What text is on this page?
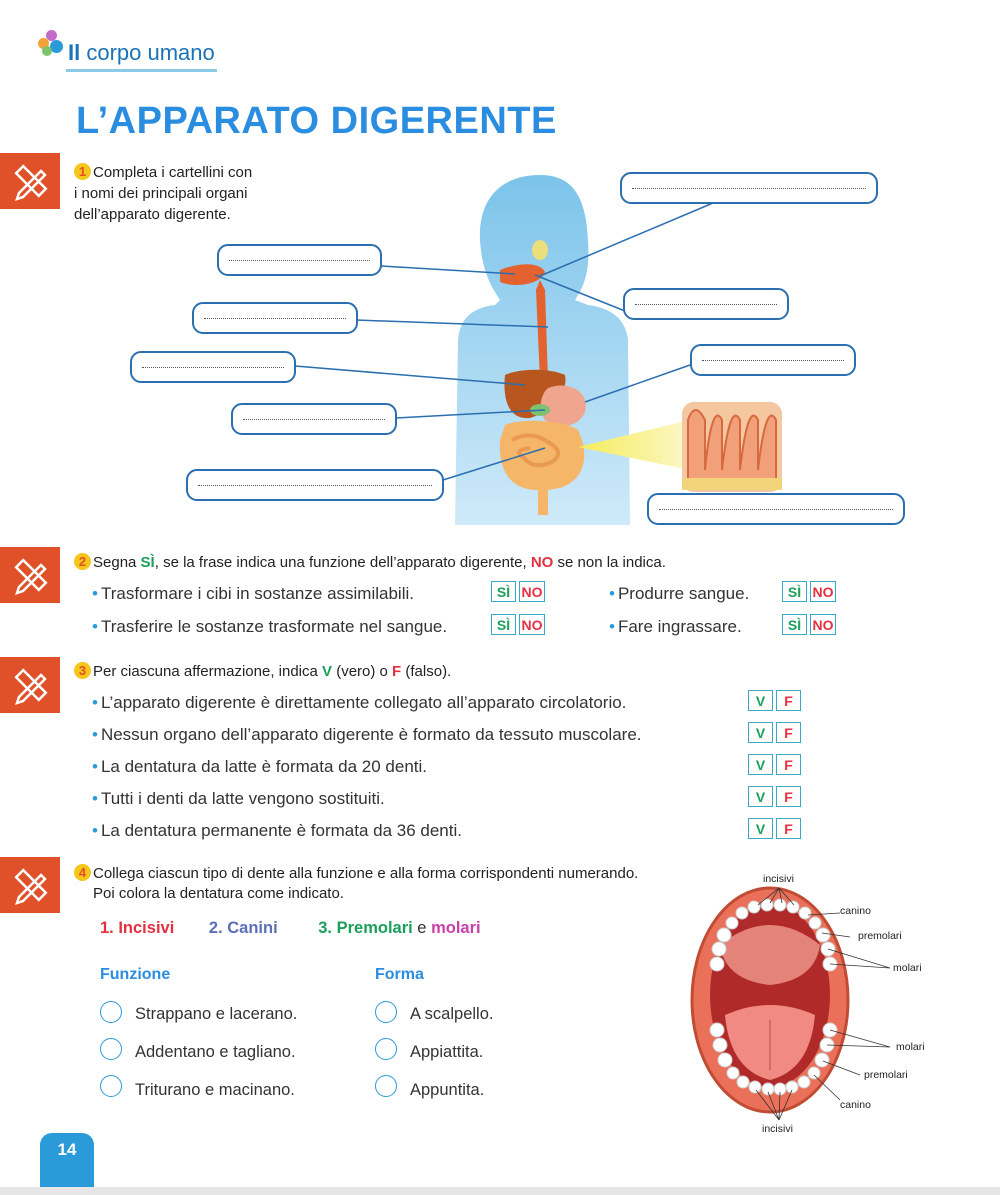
Il corpo umano
L’APPARATO DIGERENTE
1 Completa i cartellini con i nomi dei principali organi dell’apparato digerente.
2 Segna SÌ, se la frase indica una funzione dell’apparato digerente, NO se non la indica.
• Trasformare i cibi in sostanze assimilabili.
• Trasferire le sostanze trasformate nel sangue.
• Produrre sangue.
• Fare ingrassare.
SÌ NO
SÌ NO
SÌ NO
SÌ NO
3 Per ciascuna affermazione, indica V (vero) o F (falso).
• L’apparato digerente è direttamente collegato all’apparato circolatorio.
• Nessun organo dell’apparato digerente è formato da tessuto muscolare.
• La dentatura da latte è formata da 20 denti.
• Tutti i denti da latte vengono sostituiti.
• La dentatura permanente è formata da 36 denti.
V F
V F
V F
V F
V F
4 Collega ciascun tipo di dente alla funzione e alla forma corrispondenti numerando.
Poi colora la dentatura come indicato.
1. Incisivi 2. Canini 3. Premolari e molari
Funzione	Forma
Strappano e lacerano.
Addentano e tagliano.
Triturano e macinano.
A scalpello.
Appiattita.
Appuntita.
incisivi
canino
premolari
molari
molari
premolari
canino
incisivi
14
